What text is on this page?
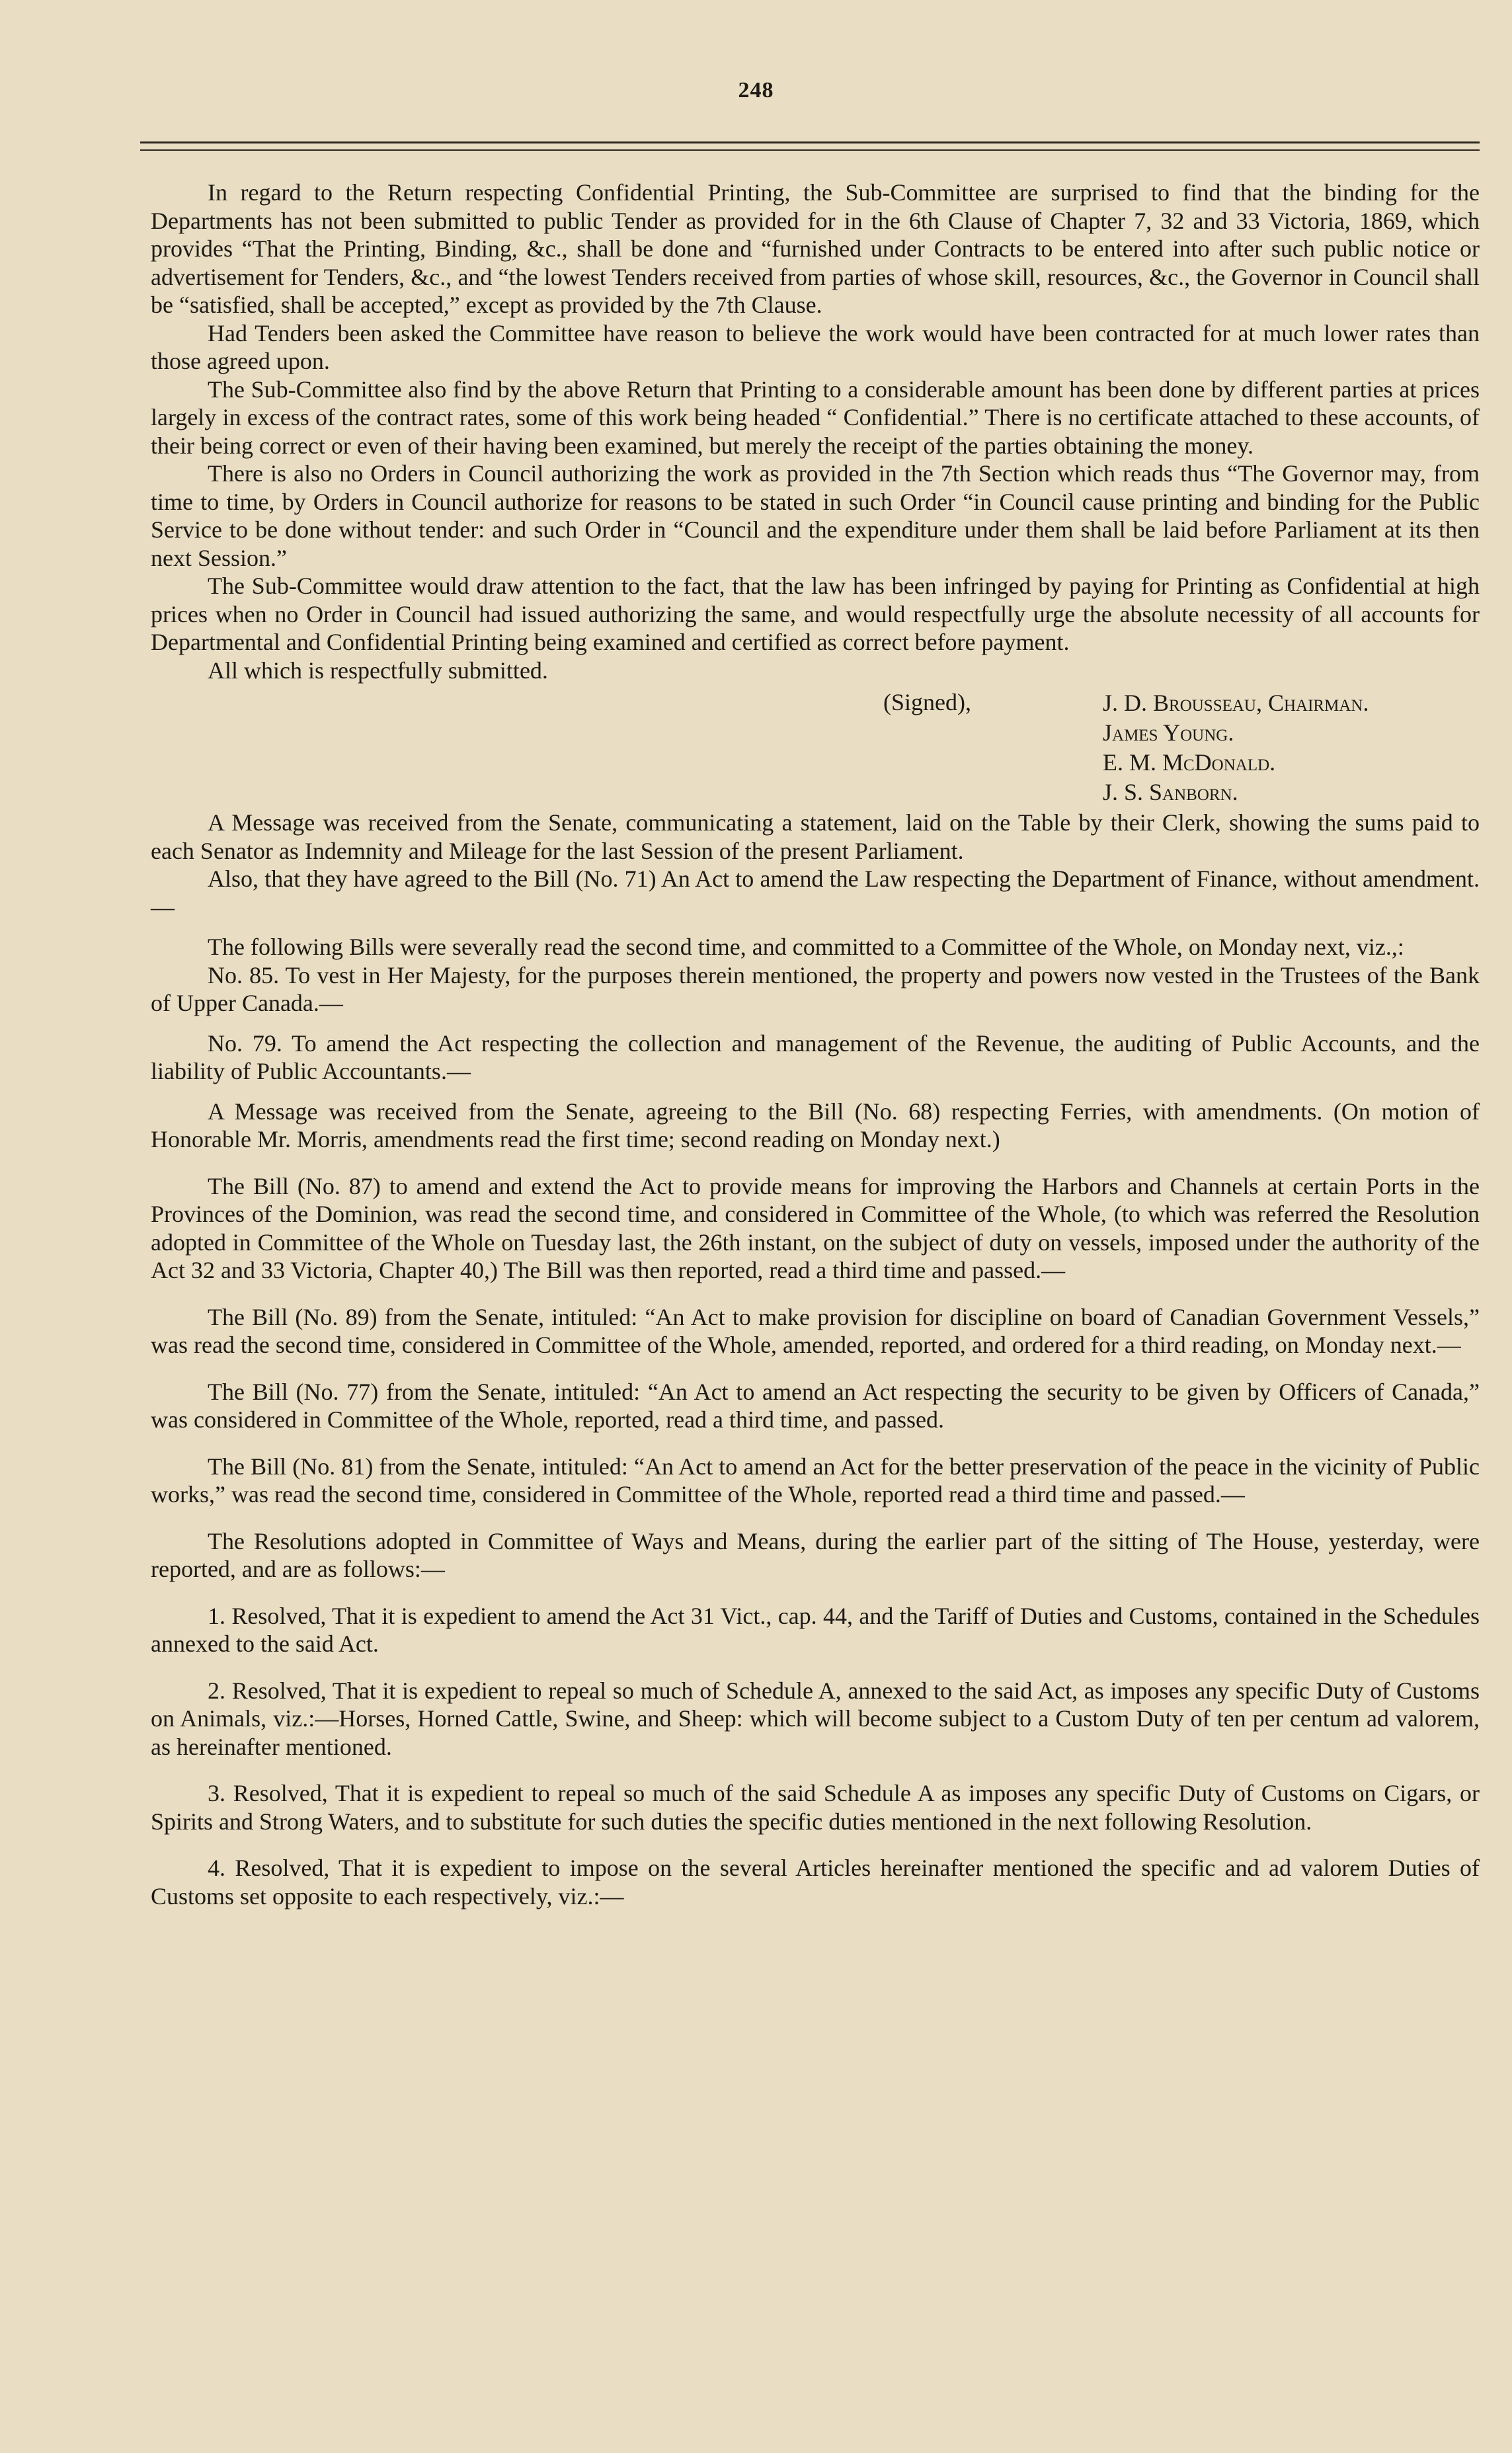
248

In regard to the Return respecting Confidential Printing, the Sub-Committee are surprised to find that the binding for the Departments has not been submitted to public Tender as provided for in the 6th Clause of Chapter 7, 32 and 33 Victoria, 1869, which provides “That the Printing, Binding, &c., shall be done and “furnished under Contracts to be entered into after such public notice or advertisement for Tenders, &c., and “the lowest Tenders received from parties of whose skill, resources, &c., the Governor in Council shall be “satisfied, shall be accepted,” except as provided by the 7th Clause.

Had Tenders been asked the Committee have reason to believe the work would have been contracted for at much lower rates than those agreed upon.

The Sub-Committee also find by the above Return that Printing to a considerable amount has been done by different parties at prices largely in excess of the contract rates, some of this work being headed “ Confidential.” There is no certificate attached to these accounts, of their being correct or even of their having been examined, but merely the receipt of the parties obtaining the money.

There is also no Orders in Council authorizing the work as provided in the 7th Section which reads thus “The Governor may, from time to time, by Orders in Council authorize for reasons to be stated in such Order “in Council cause printing and binding for the Public Service to be done without tender: and such Order in “Council and the expenditure under them shall be laid before Parliament at its then next Session.”

The Sub-Committee would draw attention to the fact, that the law has been infringed by paying for Printing as Confidential at high prices when no Order in Council had issued authorizing the same, and would respectfully urge the absolute necessity of all accounts for Departmental and Confidential Printing being examined and certified as correct before payment.

All which is respectfully submitted.

(Signed),	J. D. Brousseau, Chairman.
James Young.
E. M. McDonald.
J. S. Sanborn.

A Message was received from the Senate, communicating a statement, laid on the Table by their Clerk, showing the sums paid to each Senator as Indemnity and Mileage for the last Session of the present Parliament.

Also, that they have agreed to the Bill (No. 71) An Act to amend the Law respecting the Department of Finance, without amendment.—

The following Bills were severally read the second time, and committed to a Committee of the Whole, on Monday next, viz.,:

No. 85. To vest in Her Majesty, for the purposes therein mentioned, the property and powers now vested in the Trustees of the Bank of Upper Canada.—

No. 79. To amend the Act respecting the collection and management of the Revenue, the auditing of Public Accounts, and the liability of Public Accountants.—

A Message was received from the Senate, agreeing to the Bill (No. 68) respecting Ferries, with amendments. (On motion of Honorable Mr. Morris, amendments read the first time; second reading on Monday next.)

The Bill (No. 87) to amend and extend the Act to provide means for improving the Harbors and Channels at certain Ports in the Provinces of the Dominion, was read the second time, and considered in Committee of the Whole, (to which was referred the Resolution adopted in Committee of the Whole on Tuesday last, the 26th instant, on the subject of duty on vessels, imposed under the authority of the Act 32 and 33 Victoria, Chapter 40,) The Bill was then reported, read a third time and passed.—

The Bill (No. 89) from the Senate, intituled: “An Act to make provision for discipline on board of Canadian Government Vessels,” was read the second time, considered in Committee of the Whole, amended, reported, and ordered for a third reading, on Monday next.—

The Bill (No. 77) from the Senate, intituled: “An Act to amend an Act respecting the security to be given by Officers of Canada,” was considered in Committee of the Whole, reported, read a third time, and passed.

The Bill (No. 81) from the Senate, intituled: “An Act to amend an Act for the better preservation of the peace in the vicinity of Public works,” was read the second time, considered in Committee of the Whole, reported read a third time and passed.—

The Resolutions adopted in Committee of Ways and Means, during the earlier part of the sitting of The House, yesterday, were reported, and are as follows:—

1. Resolved, That it is expedient to amend the Act 31 Vict., cap. 44, and the Tariff of Duties and Customs, contained in the Schedules annexed to the said Act.

2. Resolved, That it is expedient to repeal so much of Schedule A, annexed to the said Act, as imposes any specific Duty of Customs on Animals, viz.:—Horses, Horned Cattle, Swine, and Sheep: which will become subject to a Custom Duty of ten per centum ad valorem, as hereinafter mentioned.

3. Resolved, That it is expedient to repeal so much of the said Schedule A as imposes any specific Duty of Customs on Cigars, or Spirits and Strong Waters, and to substitute for such duties the specific duties mentioned in the next following Resolution.

4. Resolved, That it is expedient to impose on the several Articles hereinafter mentioned the specific and ad valorem Duties of Customs set opposite to each respectively, viz.:—
